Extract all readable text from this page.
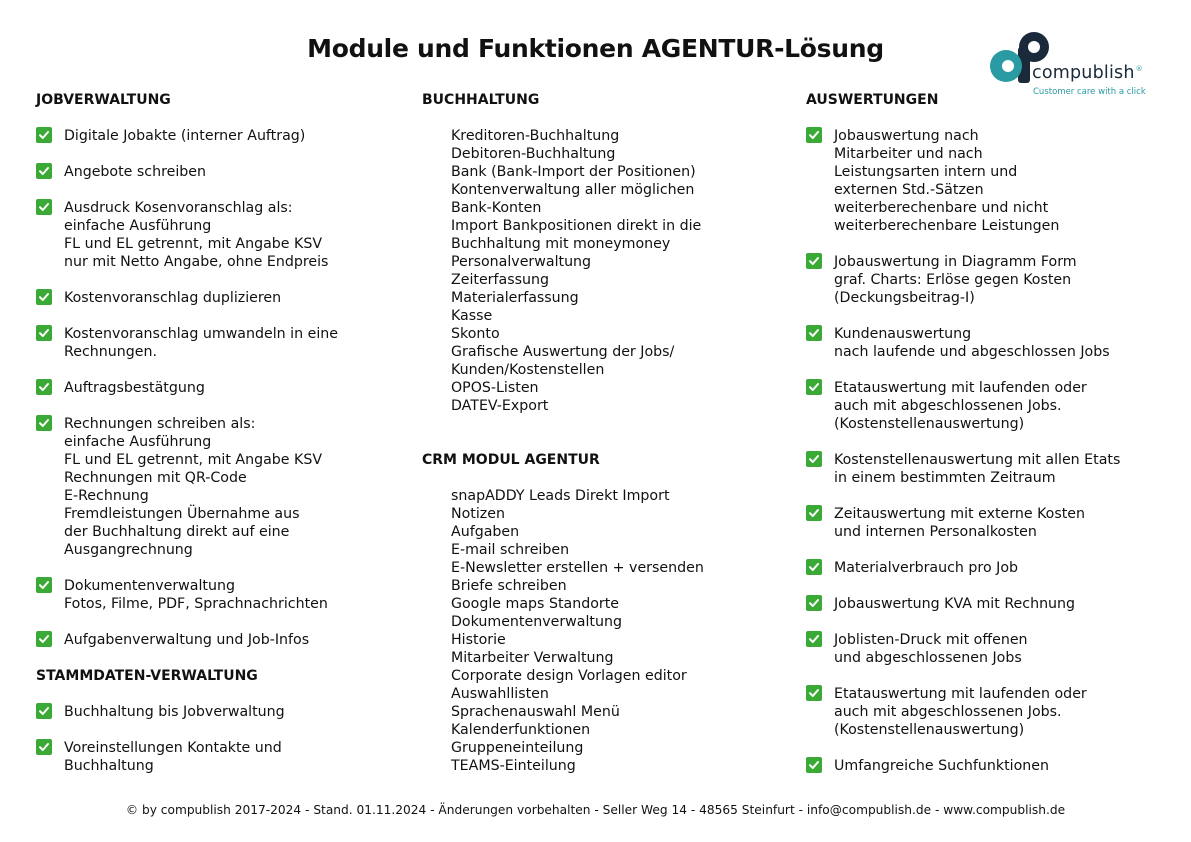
Module und Funktionen AGENTUR-Lösung
compublish®
Customer care with a click
JOBVERWALTUNG
Digitale Jobakte (interner Auftrag)
Angebote schreiben
Ausdruck Kosenvoranschlag als:
einfache Ausführung
FL und EL getrennt, mit Angabe KSV
nur mit Netto Angabe, ohne Endpreis
Kostenvoranschlag duplizieren
Kostenvoranschlag umwandeln in eine
Rechnungen.
Auftragsbestätgung
Rechnungen schreiben als:
einfache Ausführung
FL und EL getrennt, mit Angabe KSV
Rechnungen mit QR-Code
E-Rechnung
Fremdleistungen Übernahme aus
der Buchhaltung direkt auf eine
Ausgangrechnung
Dokumentenverwaltung
Fotos, Filme, PDF, Sprachnachrichten
Aufgabenverwaltung und Job-Infos
STAMMDATEN-VERWALTUNG
Buchhaltung bis Jobverwaltung
Voreinstellungen Kontakte und
Buchhaltung
BUCHHALTUNG
Kreditoren-Buchhaltung
Debitoren-Buchhaltung
Bank (Bank-Import der Positionen)
Kontenverwaltung aller möglichen
Bank-Konten
Import Bankpositionen direkt in die
Buchhaltung mit moneymoney
Personalverwaltung
Zeiterfassung
Materialerfassung
Kasse
Skonto
Grafische Auswertung der Jobs/
Kunden/Kostenstellen
OPOS-Listen
DATEV-Export
CRM MODUL AGENTUR
snapADDY Leads Direkt Import
Notizen
Aufgaben
E-mail schreiben
E-Newsletter erstellen + versenden
Briefe schreiben
Google maps Standorte
Dokumentenverwaltung
Historie
Mitarbeiter Verwaltung
Corporate design Vorlagen editor
Auswahllisten
Sprachenauswahl Menü
Kalenderfunktionen
Gruppeneinteilung
TEAMS-Einteilung
AUSWERTUNGEN
Jobauswertung nach
Mitarbeiter und nach
Leistungsarten intern und
externen Std.-Sätzen
weiterberechenbare und nicht
weiterberechenbare Leistungen
Jobauswertung in Diagramm Form
graf. Charts: Erlöse gegen Kosten
(Deckungsbeitrag-I)
Kundenauswertung
nach laufende und abgeschlossen Jobs
Etatauswertung mit laufenden oder
auch mit abgeschlossenen Jobs.
(Kostenstellenauswertung)
Kostenstellenauswertung mit allen Etats
in einem bestimmten Zeitraum
Zeitauswertung mit externe Kosten
und internen Personalkosten
Materialverbrauch pro Job
Jobauswertung KVA mit Rechnung
Joblisten-Druck mit offenen
und abgeschlossenen Jobs
Etatauswertung mit laufenden oder
auch mit abgeschlossenen Jobs.
(Kostenstellenauswertung)
Umfangreiche Suchfunktionen
© by compublish 2017-2024 - Stand. 01.11.2024 - Änderungen vorbehalten - Seller Weg 14 - 48565 Steinfurt - info@compublish.de - www.compublish.de
